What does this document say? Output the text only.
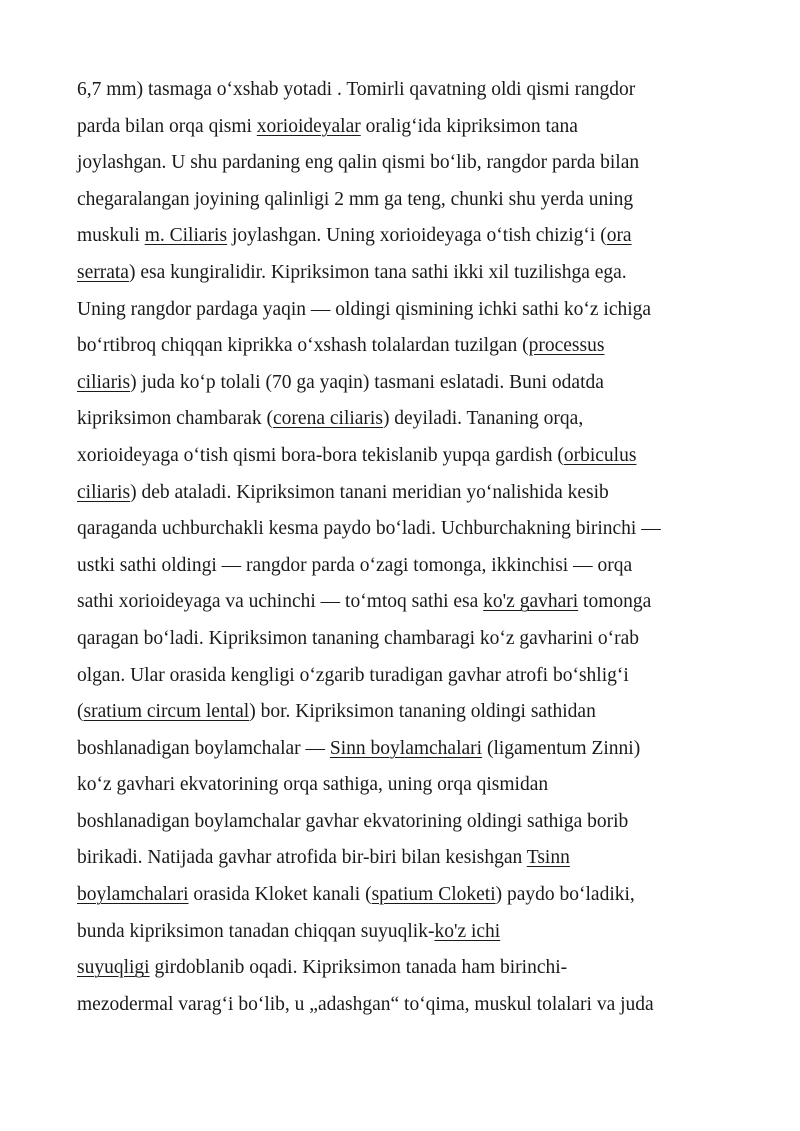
6,7 mm) tasmaga oʻxshab yotadi . Tomirli qavatning oldi qismi rangdor
parda bilan orqa qismi xorioideyalar oraligʻida kipriksimon tana
joylashgan. U shu pardaning eng qalin qismi boʻlib, rangdor parda bilan
chegaralangan joyining qalinligi 2 mm ga teng, chunki shu yerda uning
muskuli m. Ciliaris joylashgan. Uning xorioideyaga oʻtish chizigʻi (ora
serrata) esa kungiralidir. Kipriksimon tana sathi ikki xil tuzilishga ega.
Uning rangdor pardaga yaqin — oldingi qismining ichki sathi koʻz ichiga
boʻrtibroq chiqqan kiprikka oʻxshash tolalardan tuzilgan (processus
ciliaris) juda koʻp tolali (70 ga yaqin) tasmani eslatadi. Buni odatda
kipriksimon chambarak (corena ciliaris) deyiladi. Tananing orqa,
xorioideyaga oʻtish qismi bora-bora tekislanib yupqa gardish (orbiculus
ciliaris) deb ataladi. Kipriksimon tanani meridian yoʻnalishida kesib
qaraganda uchburchakli kesma paydo boʻladi. Uchburchakning birinchi —
ustki sathi oldingi — rangdor parda oʻzagi tomonga, ikkinchisi — orqa
sathi xorioideyaga va uchinchi — toʻmtoq sathi esa ko'z gavhari tomonga
qaragan boʻladi. Kipriksimon tananing chambaragi koʻz gavharini oʻrab
olgan. Ular orasida kengligi oʻzgarib turadigan gavhar atrofi boʻshligʻi
(sratium circum lental) bor. Kipriksimon tananing oldingi sathidan
boshlanadigan boylamchalar — Sinn boylamchalari (ligamentum Zinni)
koʻz gavhari ekvatorining orqa sathiga, uning orqa qismidan
boshlanadigan boylamchalar gavhar ekvatorining oldingi sathiga borib
birikadi. Natijada gavhar atrofida bir-biri bilan kesishgan Tsinn
boylamchalari orasida Kloket kanali (spatium Cloketi) paydo boʻladiki,
bunda kipriksimon tanadan chiqqan suyuqlik-ko'z ichi
suyuqligi girdoblanib oqadi. Kipriksimon tanada ham birinchi-
mezodermal varagʻi boʻlib, u „adashgan“ toʻqima, muskul tolalari va juda
